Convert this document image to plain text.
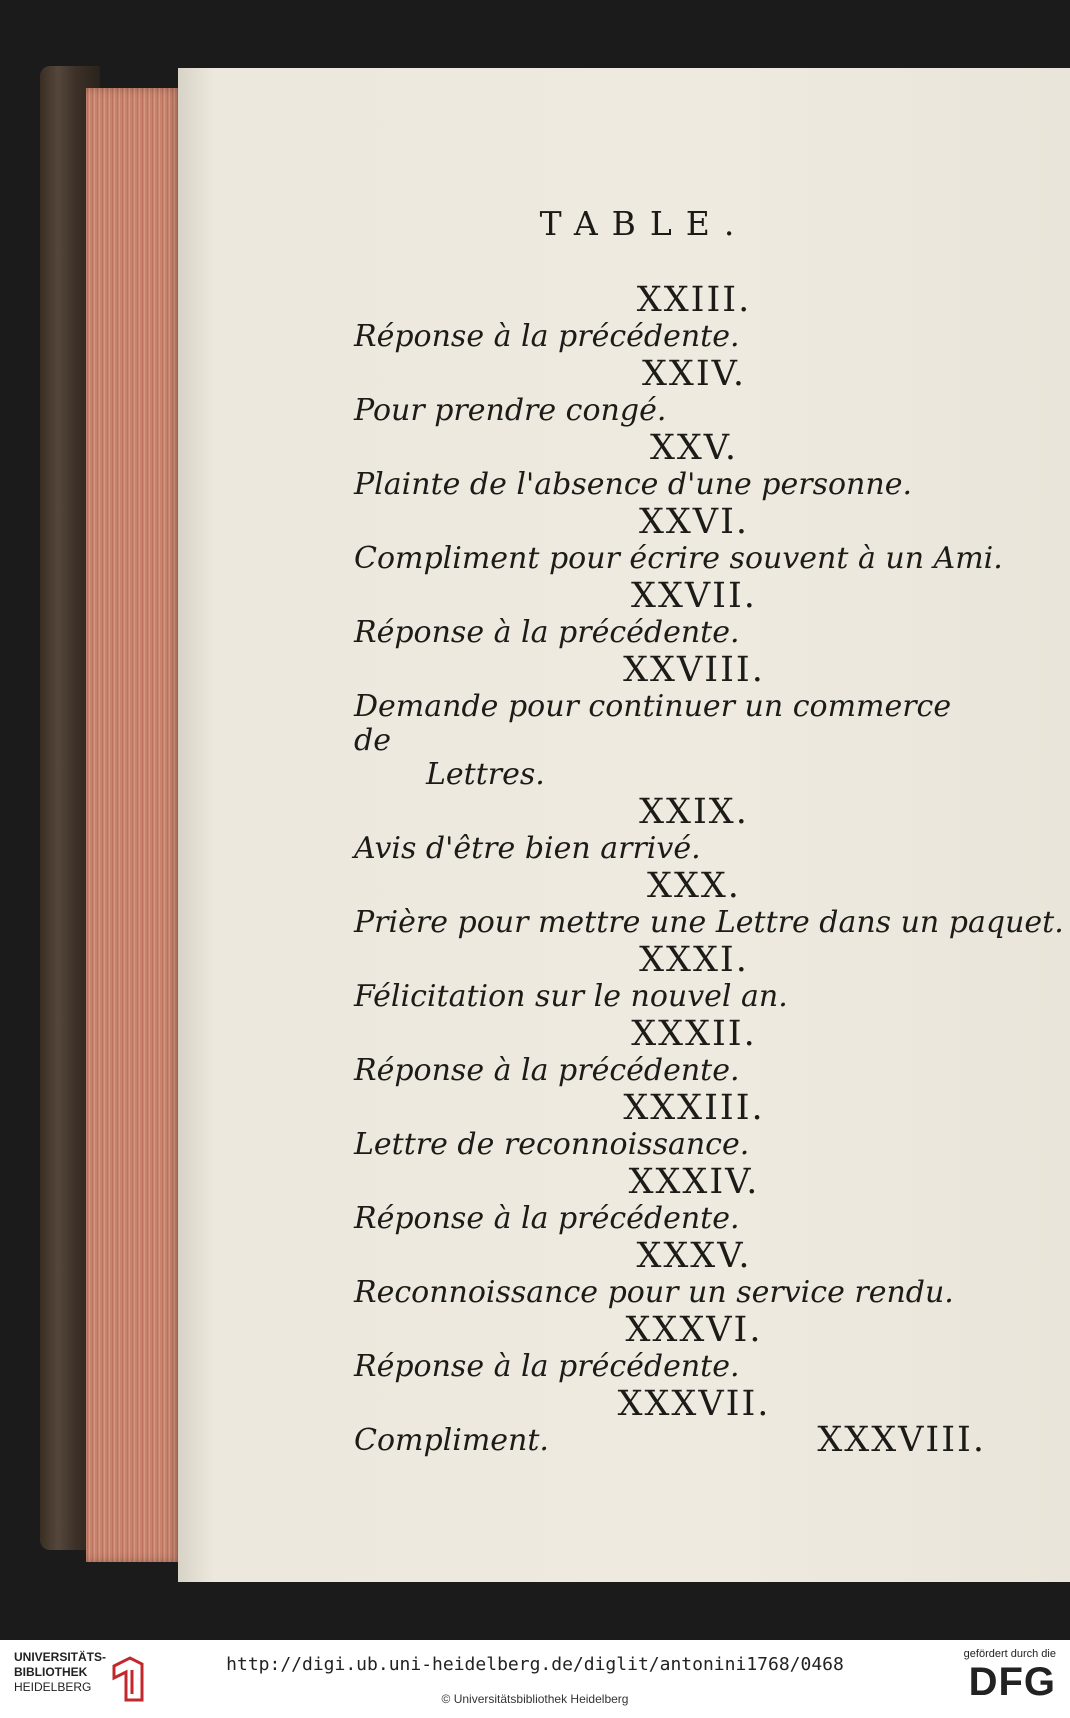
TABLE.
XXIII.
Réponse à la précédente.
XXIV.
Pour prendre congé.
XXV.
Plainte de l'absence d'une personne.
XXVI.
Compliment pour écrire souvent à un Ami.
XXVII.
Réponse à la précédente.
XXVIII.
Demande pour continuer un commerce de
Lettres.
XXIX.
Avis d'être bien arrivé.
XXX.
Prière pour mettre une Lettre dans un paquet.
XXXI.
Félicitation sur le nouvel an.
XXXII.
Réponse à la précédente.
XXXIII.
Lettre de reconnoissance.
XXXIV.
Réponse à la précédente.
XXXV.
Reconnoissance pour un service rendu.
XXXVI.
Réponse à la précédente.
XXXVII.
Compliment.	XXXVIII.
UNIVERSITÄTS-
BIBLIOTHEK
HEIDELBERG
http://digi.ub.uni-heidelberg.de/diglit/antonini1768/0468
© Universitätsbibliothek Heidelberg
gefördert durch die
DFG
